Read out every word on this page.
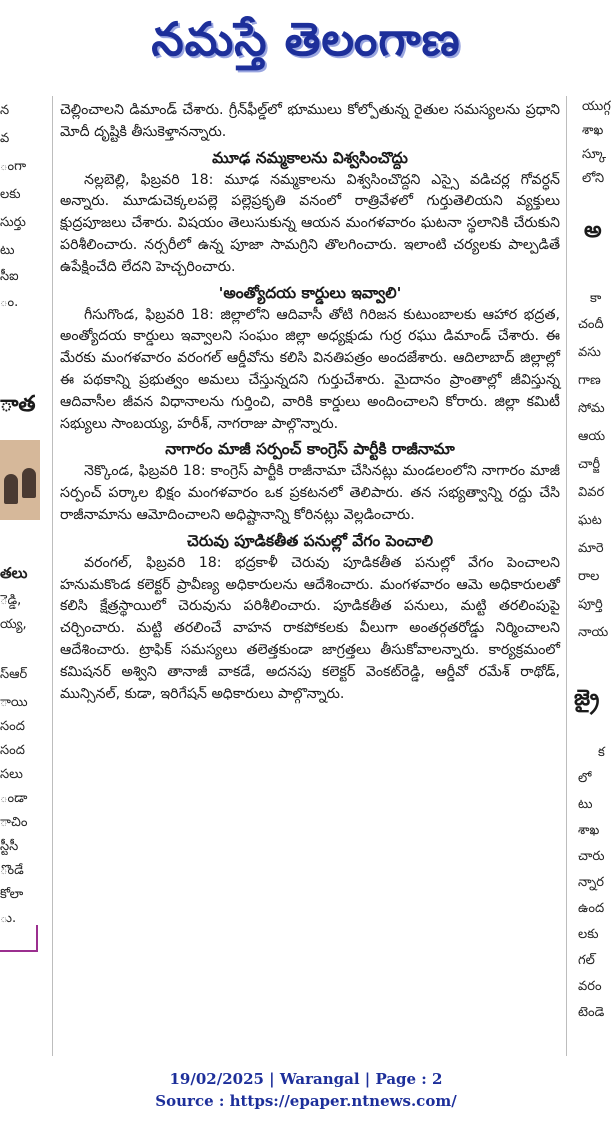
నమస్తే తెలంగాణ
న
వ
ంగా
లకు
సుర్తు
టు
సీఐ
ం.
ాత
తలు
ెడ్డి,
య్య,
స్ఆర్
ాయి
సంద
సంద
సలు
ండా
ాచిం
స్టీసీ
ొండే
కోలా
ు.
యుగ్గ
శాఖ
స్కూ
లోని
అ
కా
చందీ
వసు
గాణ
సోమ
ఆయ
చార్జీ
వివర
ఘట
మారె
రాల
పూర్తి
నాయ
జ్రై
క
లో
టు
శాఖ
చారు
న్నార
ఉంద
లకు
గల్
వరం
టెండె

చెల్లించాలని డిమాండ్ చేశారు. గ్రీన్‌ఫీల్డ్‌లో భూములు కోల్పోతున్న రైతుల సమస్యలను ప్రధాని మోదీ దృష్టికి తీసుకెళ్తానన్నారు.

మూఢ నమ్మకాలను విశ్వసించొద్దు

నల్లబెల్లి, ఫిబ్రవరి 18: మూఢ నమ్మకాలను విశ్వసించొద్దని ఎస్సై వడిచర్ల గోవర్ధన్ అన్నారు. మూడుచెక్కలపల్లె పల్లెప్రకృతి వనంలో రాత్రివేళలో గుర్తుతెలియని వ్యక్తులు క్షుద్రపూజలు చేశారు. విషయం తెలుసుకున్న ఆయన మంగళవారం ఘటనా స్థలానికి చేరుకుని పరిశీలించారు. నర్సరీలో ఉన్న పూజా సామగ్రిని తొలగించారు. ఇలాంటి చర్యలకు పాల్పడితే ఉపేక్షించేది లేదని హెచ్చరించారు.

'అంత్యోదయ కార్డులు ఇవ్వాలి'

గీసుగొండ, ఫిబ్రవరి 18: జిల్లాలోని ఆదివాసీ తోటి గిరిజన కుటుంబాలకు ఆహార భద్రత, అంత్యోదయ కార్డులు ఇవ్వాలని సంఘం జిల్లా అధ్యక్షుడు గుర్ర రఘు డిమాండ్ చేశారు. ఈ మేరకు మంగళవారం వరంగల్ ఆర్డీవోను కలిసి వినతిపత్రం అందజేశారు. ఆదిలాబాద్ జిల్లాల్లో ఈ పథకాన్ని ప్రభుత్వం అమలు చేస్తున్నదని గుర్తుచేశారు. మైదానం ప్రాంతాల్లో జీవిస్తున్న ఆదివాసీల జీవన విధానాలను గుర్తించి, వారికి కార్డులు అందించాలని కోరారు. జిల్లా కమిటీ సభ్యులు సాంబయ్య, హరీశ్, నాగరాజు పాల్గొన్నారు.

నాగారం మాజీ సర్పంచ్ కాంగ్రెస్ పార్టీకి రాజీనామా

నెక్కొండ, ఫిబ్రవరి 18: కాంగ్రెస్ పార్టీకి రాజీనామా చేసినట్లు మండలంలోని నాగారం మాజీ సర్పంచ్ పర్కాల భిక్షం మంగళవారం ఒక ప్రకటనలో తెలిపారు. తన సభ్యత్వాన్ని రద్దు చేసి రాజీనామాను ఆమోదించాలని అధిష్టానాన్ని కోరినట్లు వెల్లడించారు.

చెరువు పూడికతీత పనుల్లో వేగం పెంచాలి

వరంగల్, ఫిబ్రవరి 18: భద్రకాళీ చెరువు పూడికతీత పనుల్లో వేగం పెంచాలని హనుమకొండ కలెక్టర్ ప్రావీణ్య అధికారులను ఆదేశించారు. మంగళవారం ఆమె అధికారులతో కలిసి క్షేత్రస్థాయిలో చెరువును పరిశీలించారు. పూడికతీత పనులు, మట్టి తరలింపుపై చర్చించారు. మట్టి తరలించే వాహన రాకపోకలకు వీలుగా అంతర్గతరోడ్డు నిర్మించాలని ఆదేశించారు. ట్రాఫిక్ సమస్యలు తలెత్తకుండా జాగ్రత్తలు తీసుకోవాలన్నారు. కార్యక్రమంలో కమిషనర్ అశ్విని తానాజీ వాకడే, అదనపు కలెక్టర్ వెంకట్‌రెడ్డి, ఆర్డీవో రమేశ్ రాథోడ్, మున్సినల్, కుడా, ఇరిగేషన్ అధికారులు పాల్గొన్నారు.

19/02/2025 | Warangal | Page : 2
Source : https://epaper.ntnews.com/
